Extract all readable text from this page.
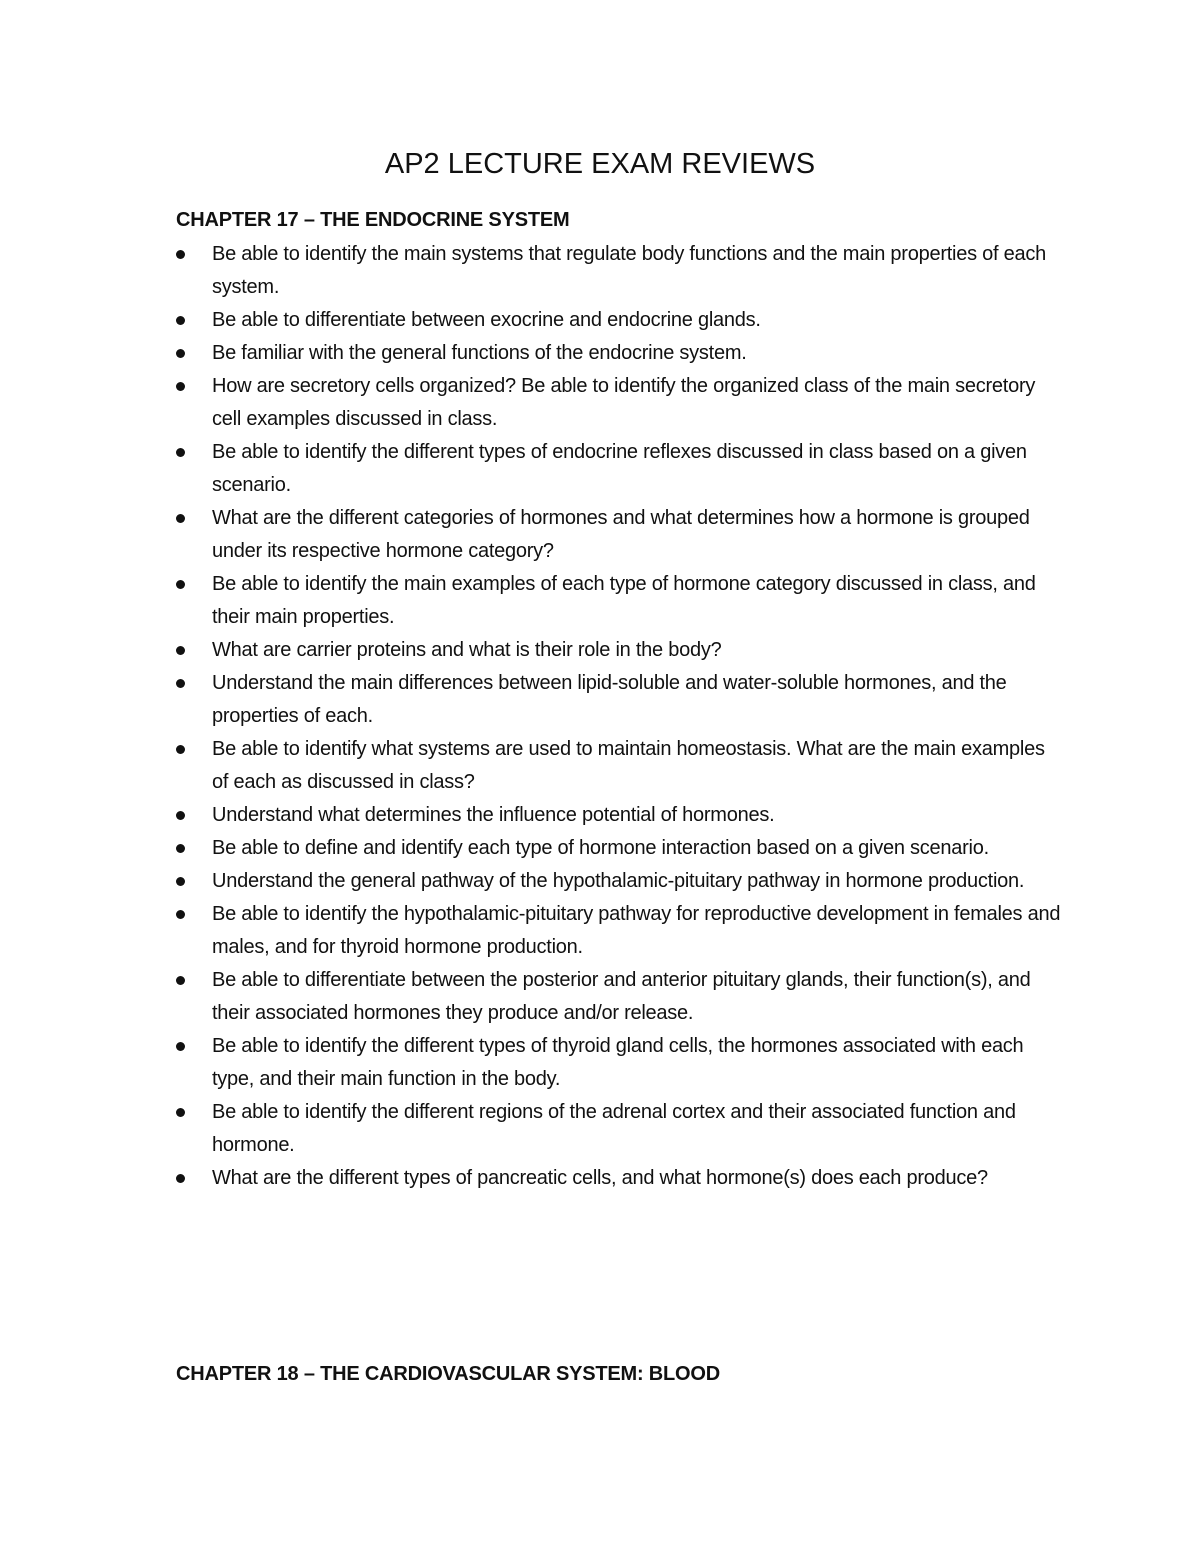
AP2 LECTURE EXAM REVIEWS
CHAPTER 17 – THE ENDOCRINE SYSTEM
Be able to identify the main systems that regulate body functions and the main properties of each system.
Be able to differentiate between exocrine and endocrine glands.
Be familiar with the general functions of the endocrine system.
How are secretory cells organized? Be able to identify the organized class of the main secretory cell examples discussed in class.
Be able to identify the different types of endocrine reflexes discussed in class based on a given scenario.
What are the different categories of hormones and what determines how a hormone is grouped under its respective hormone category?
Be able to identify the main examples of each type of hormone category discussed in class, and their main properties.
What are carrier proteins and what is their role in the body?
Understand the main differences between lipid-soluble and water-soluble hormones, and the properties of each.
Be able to identify what systems are used to maintain homeostasis. What are the main examples of each as discussed in class?
Understand what determines the influence potential of hormones.
Be able to define and identify each type of hormone interaction based on a given scenario.
Understand the general pathway of the hypothalamic-pituitary pathway in hormone production.
Be able to identify the hypothalamic-pituitary pathway for reproductive development in females and males, and for thyroid hormone production.
Be able to differentiate between the posterior and anterior pituitary glands, their function(s), and their associated hormones they produce and/or release.
Be able to identify the different types of thyroid gland cells, the hormones associated with each type, and their main function in the body.
Be able to identify the different regions of the adrenal cortex and their associated function and hormone.
What are the different types of pancreatic cells, and what hormone(s) does each produce?
CHAPTER 18 – THE CARDIOVASCULAR SYSTEM: BLOOD
